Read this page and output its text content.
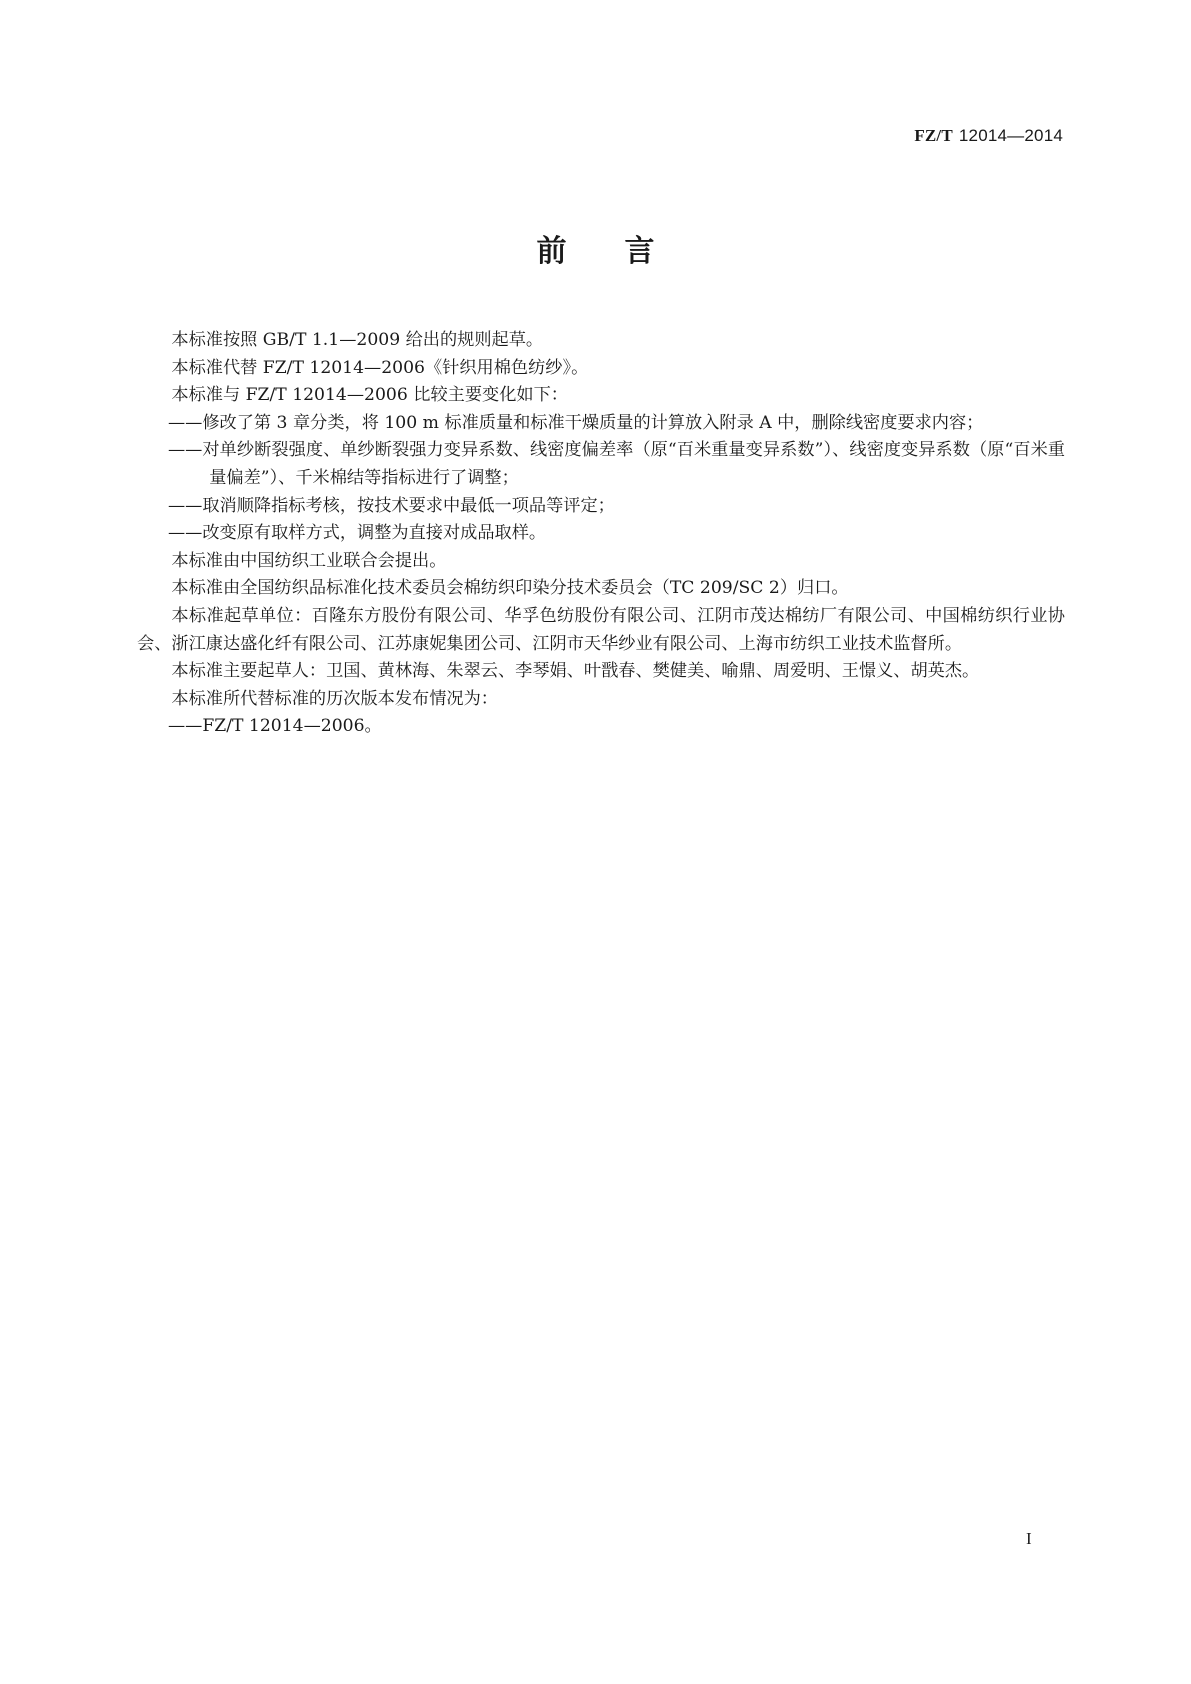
FZ/T 12014—2014
前言

本标准按照 GB/T 1.1—2009 给出的规则起草。

本标准代替 FZ/T 12014—2006《针织用棉色纺纱》。

本标准与 FZ/T 12014—2006 比较主要变化如下：

——修改了第 3 章分类，将 100 m 标准质量和标准干燥质量的计算放入附录 A 中，删除线密度要求内容；

——对单纱断裂强度、单纱断裂强力变异系数、线密度偏差率（原“百米重量变异系数”）、线密度变异系数（原“百米重量偏差”）、千米棉结等指标进行了调整；

——取消顺降指标考核，按技术要求中最低一项品等评定；

——改变原有取样方式，调整为直接对成品取样。

本标准由中国纺织工业联合会提出。

本标准由全国纺织品标准化技术委员会棉纺织印染分技术委员会（TC 209/SC 2）归口。

本标准起草单位：百隆东方股份有限公司、华孚色纺股份有限公司、江阴市茂达棉纺厂有限公司、中国棉纺织行业协会、浙江康达盛化纤有限公司、江苏康妮集团公司、江阴市天华纱业有限公司、上海市纺织工业技术监督所。

本标准主要起草人：卫国、黄林海、朱翠云、李琴娟、叶戬春、樊健美、喻鼎、周爱明、王憬义、胡英杰。

本标准所代替标准的历次版本发布情况为：

——FZ/T 12014—2006。

I
